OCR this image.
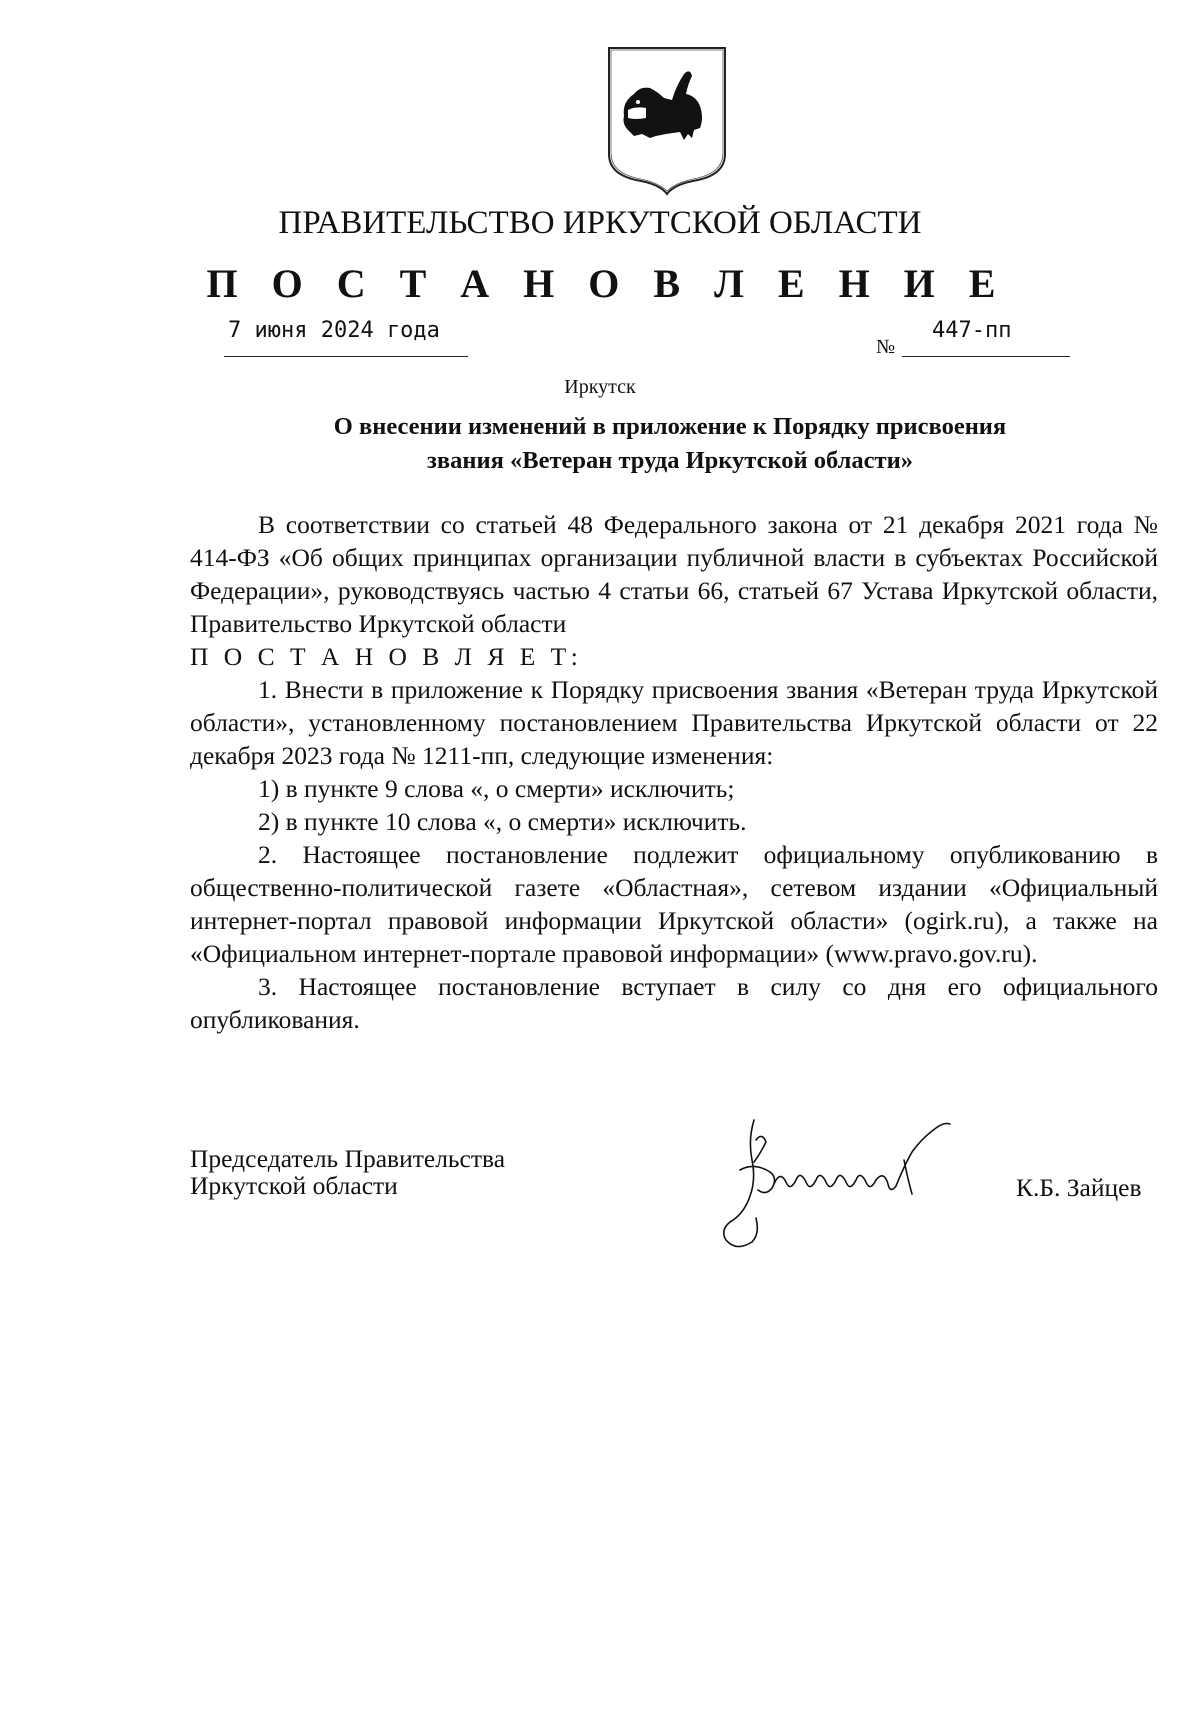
ПРАВИТЕЛЬСТВО ИРКУТСКОЙ ОБЛАСТИ
П О С Т А Н О В Л Е Н И Е
7 июня 2024 года
№
447-пп
Иркутск
О внесении изменений в приложение к Порядку присвоения
звания «Ветеран труда Иркутской области»

В соответствии со статьей 48 Федерального закона от 21 декабря 2021 года № 414-ФЗ «Об общих принципах организации публичной власти в субъектах Российской Федерации», руководствуясь частью 4 статьи 66, статьей 67 Устава Иркутской области, Правительство Иркутской области

П О С Т А Н О В Л Я Е Т:

1. Внести в приложение к Порядку присвоения звания «Ветеран труда Иркутской области», установленному постановлением Правительства Иркутской области от 22 декабря 2023 года № 1211-пп, следующие изменения:

1) в пункте 9 слова «, о смерти» исключить;

2) в пункте 10 слова «, о смерти» исключить.

2. Настоящее постановление подлежит официальному опубликованию в общественно-политической газете «Областная», сетевом издании «Официальный интернет-портал правовой информации Иркутской области» (ogirk.ru), а также на «Официальном интернет-портале правовой информации» (www.pravo.gov.ru).

3. Настоящее постановление вступает в силу со дня его официального опубликования.

Председатель Правительства
Иркутской области	К.Б. Зайцев
